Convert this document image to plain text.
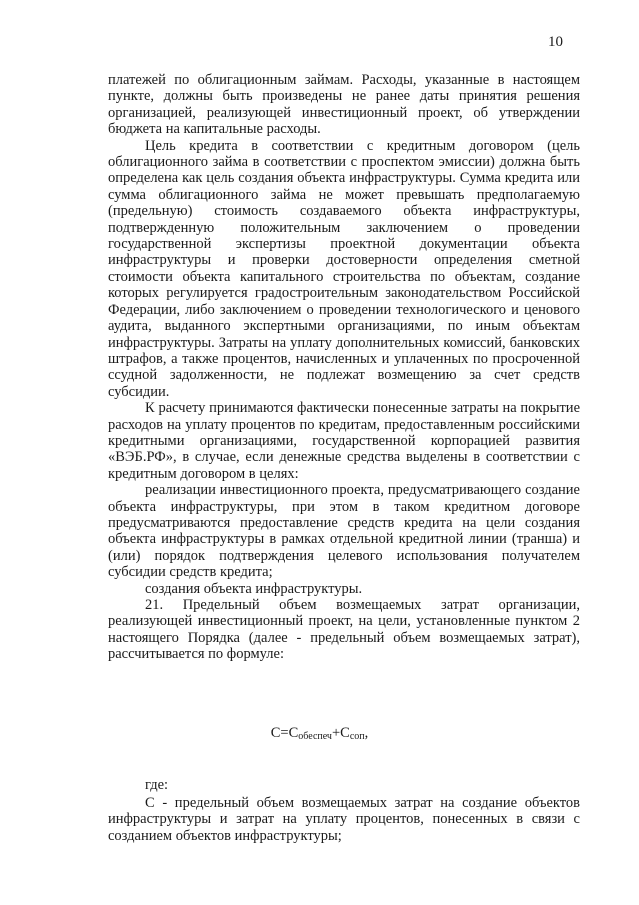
10

платежей по облигационным займам. Расходы, указанные в настоящем пункте, должны быть произведены не ранее даты принятия решения организацией, реализующей инвестиционный проект, об утверждении бюджета на капитальные расходы.

Цель кредита в соответствии с кредитным договором (цель облигационного займа в соответствии с проспектом эмиссии) должна быть определена как цель создания объекта инфраструктуры. Сумма кредита или сумма облигационного займа не может превышать предполагаемую (предельную) стоимость создаваемого объекта инфраструктуры, подтвержденную положительным заключением о проведении государственной экспертизы проектной документации объекта инфраструктуры и проверки достоверности определения сметной стоимости объекта капитального строительства по объектам, создание которых регулируется градостроительным законодательством Российской Федерации, либо заключением о проведении технологического и ценового аудита, выданного экспертными организациями, по иным объектам инфраструктуры. Затраты на уплату дополнительных комиссий, банковских штрафов, а также процентов, начисленных и уплаченных по просроченной ссудной задолженности, не подлежат возмещению за счет средств субсидии.

К расчету принимаются фактически понесенные затраты на покрытие расходов на уплату процентов по кредитам, предоставленным российскими кредитными организациями, государственной корпорацией развития «ВЭБ.РФ», в случае, если денежные средства выделены в соответствии с кредитным договором в целях:

реализации инвестиционного проекта, предусматривающего создание объекта инфраструктуры, при этом в таком кредитном договоре предусматриваются предоставление средств кредита на цели создания объекта инфраструктуры в рамках отдельной кредитной линии (транша) и (или) порядок подтверждения целевого использования получателем субсидии средств кредита;

создания объекта инфраструктуры.

21. Предельный объем возмещаемых затрат организации, реализующей инвестиционный проект, на цели, установленные пунктом 2 настоящего Порядка (далее - предельный объем возмещаемых затрат), рассчитывается по формуле:

$С=С_{обеспеч}+С_{соп}$,
где:

С - предельный объем возмещаемых затрат на создание объектов инфраструктуры и затрат на уплату процентов, понесенных в связи с созданием объектов инфраструктуры;
